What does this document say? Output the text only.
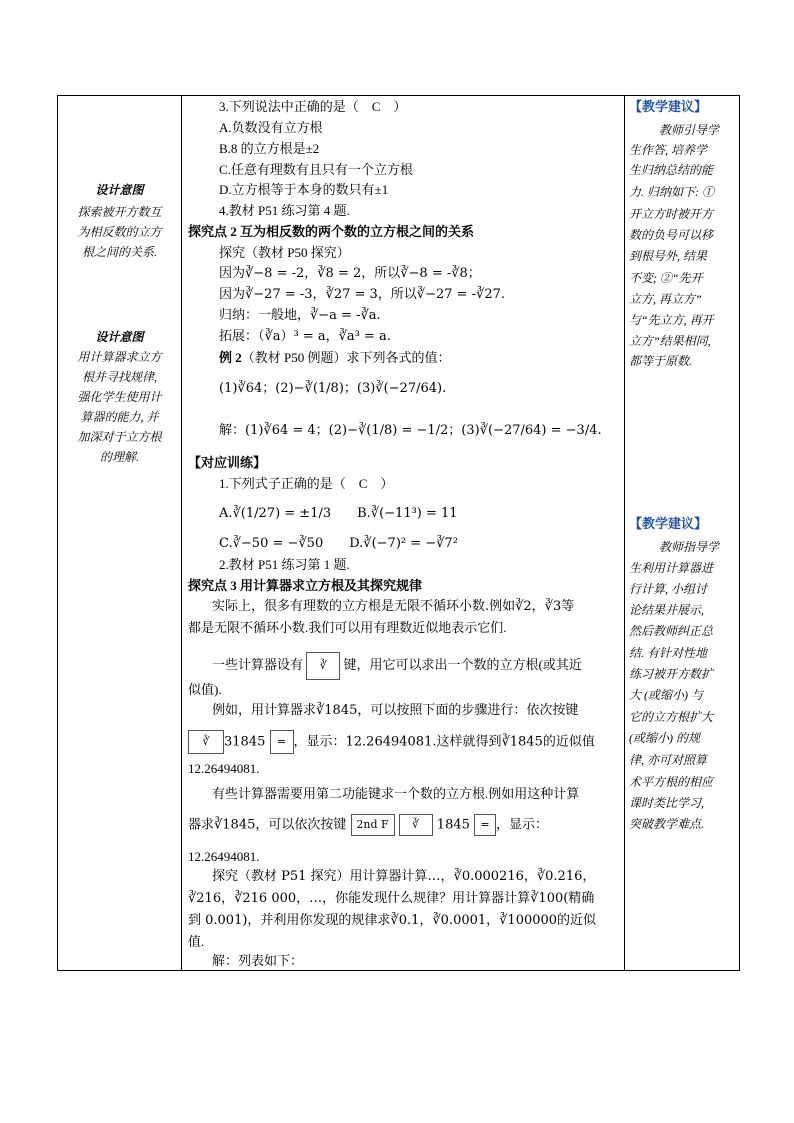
设计意图
探索被开方数互
为相反数的立方
根之间的关系.
设计意图
用计算器求立方
根并寻找规律,
强化学生使用计
算器的能力, 并
加深对于立方根
的理解.
3.下列说法中正确的是（　C　）
A.负数没有立方根
B.8 的立方根是±2
C.任意有理数有且只有一个立方根
D.立方根等于本身的数只有±1
4.教材 P51 练习第 4 题.
探究点 2 互为相反数的两个数的立方根之间的关系
探究（教材 P50 探究）
因为∛−8 = -2，∛8 = 2，所以∛−8 = -∛8；
因为∛−27 = -3，∛27 = 3，所以∛−27 = -∛27.
归纳：一般地，∛−a = -∛a.
拓展：（∛a）³ = a，∛a³ = a.
例 2（教材 P50 例题）求下列各式的值：
(1)∛64；(2)−∛(1/8)；(3)∛(−27/64).
解：(1)∛64 = 4；(2)−∛(1/8) = −1/2；(3)∛(−27/64) = −3/4.
【对应训练】
1.下列式子正确的是（　C　）
A.∛(1/27) = ±1/3　　B.∛(−11³) = 11
C.∛−50 = −∛50　　D.∛(−7)² = −∛7²
2.教材 P51 练习第 1 题.
探究点 3 用计算器求立方根及其探究规律
实际上，很多有理数的立方根是无限不循环小数.例如∛2，∛3等
都是无限不循环小数.我们可以用有理数近似地表示它们.
一些计算器设有 ∛ 键，用它可以求出一个数的立方根(或其近
似值).
例如，用计算器求∛1845，可以按照下面的步骤进行：依次按键
∛ 31845 = ，显示：12.26494081.这样就得到∛1845的近似值
12.26494081.
有些计算器需要用第二功能键求一个数的立方根.例如用这种计算
器求∛1845，可以依次按键 2nd F ∛ 1845 = ，显示：
12.26494081.
探究（教材 P51 探究）用计算器计算…，∛0.000216，∛0.216，
∛216，∛216 000，…，你能发现什么规律？用计算器计算∛100(精确
到 0.001)，并利用你发现的规律求∛0.1，∛0.0001，∛100000的近似
值.
解：列表如下：
【教学建议】
教师引导学
生作答, 培养学
生归纳总结的能
力. 归纳如下: ①
开立方时被开方
数的负号可以移
到根号外, 结果
不变; ②“先开
立方, 再立方”
与“先立方, 再开
立方”结果相同,
都等于原数.
【教学建议】
教师指导学
生利用计算器进
行计算, 小组讨
论结果并展示,
然后教师纠正总
结. 有针对性地
练习被开方数扩
大 (或缩小) 与
它的立方根扩大
(或缩小) 的规
律, 亦可对照算
术平方根的相应
课时类比学习,
突破教学难点.
